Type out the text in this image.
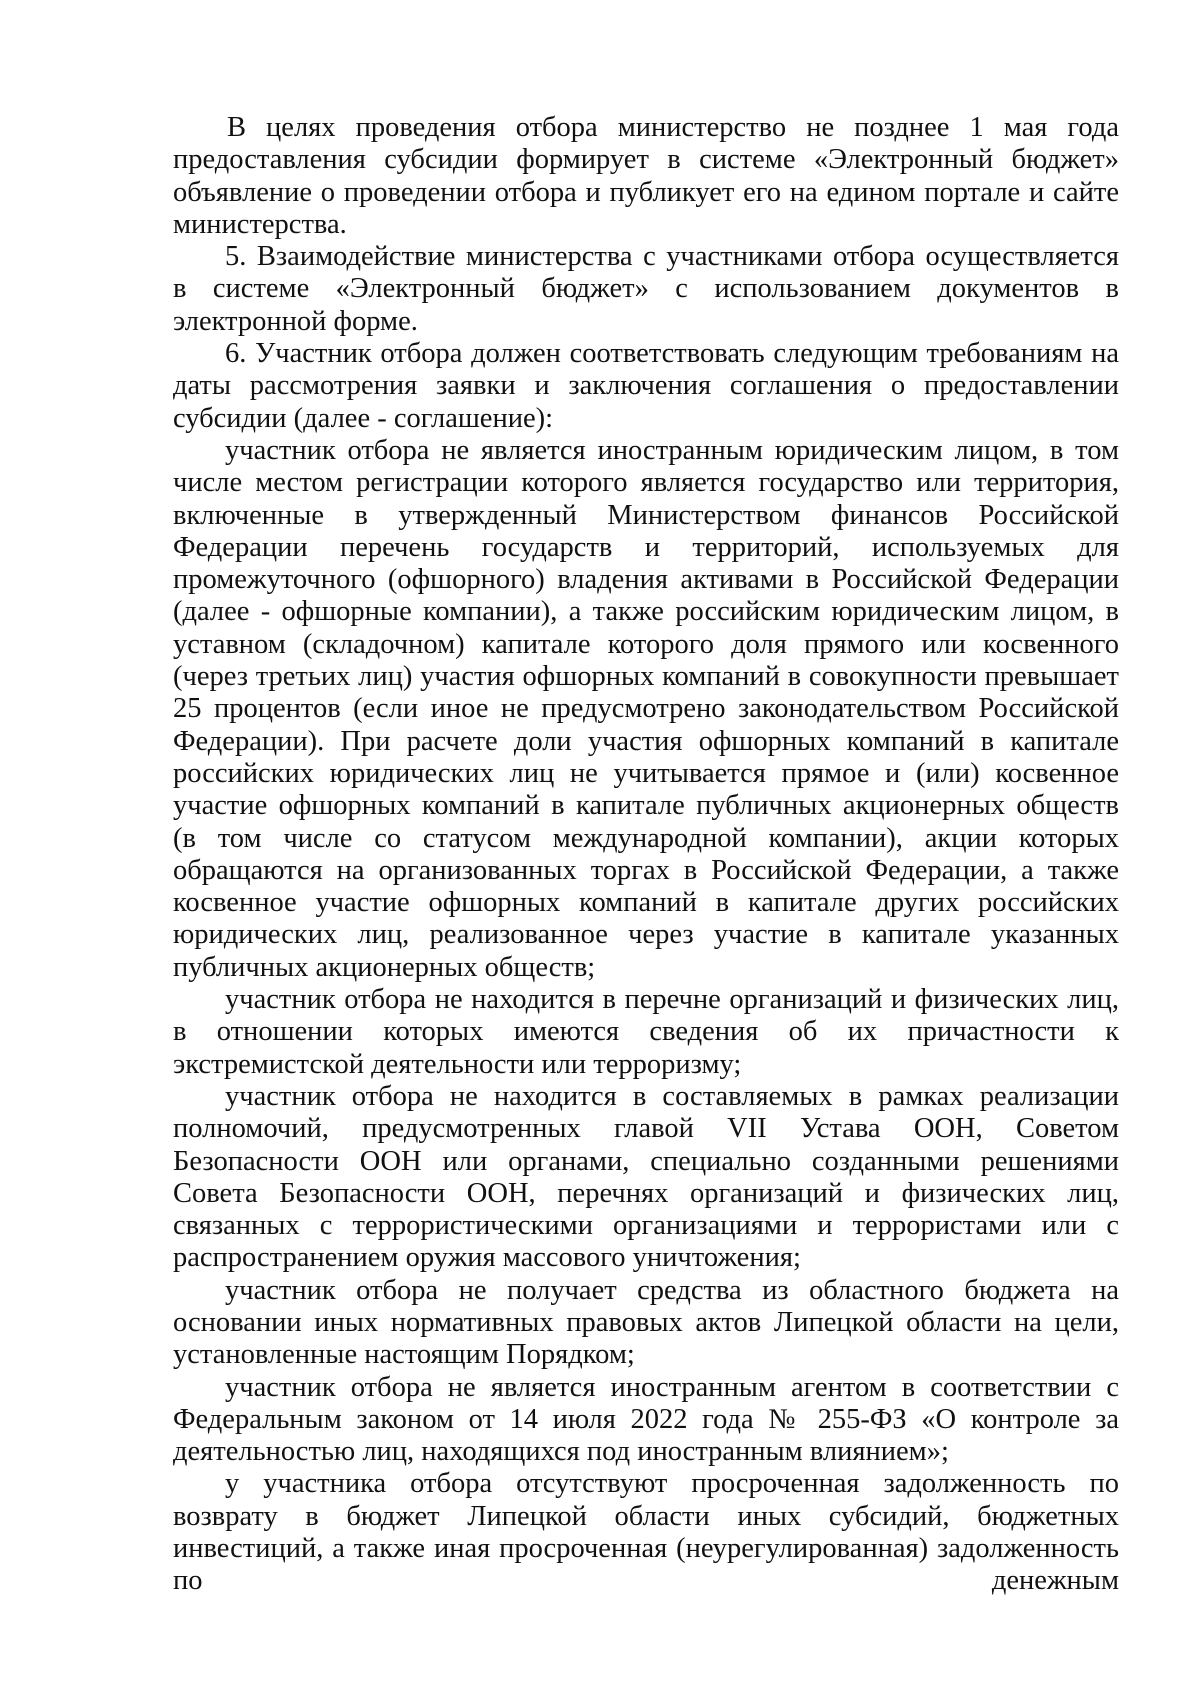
В целях проведения отбора министерство не позднее 1 мая года предоставления субсидии формирует в системе «Электронный бюджет» объявление о проведении отбора и публикует его на едином портале и сайте министерства.

5. Взаимодействие министерства с участниками отбора осуществляется в системе «Электронный бюджет» с использованием документов в электронной форме.

6. Участник отбора должен соответствовать следующим требованиям на даты рассмотрения заявки и заключения соглашения о предоставлении субсидии (далее - соглашение):

участник отбора не является иностранным юридическим лицом, в том числе местом регистрации которого является государство или территория, включенные в утвержденный Министерством финансов Российской Федерации перечень государств и территорий, используемых для промежуточного (офшорного) владения активами в Российской Федерации (далее - офшорные компании), а также российским юридическим лицом, в уставном (складочном) капитале которого доля прямого или косвенного (через третьих лиц) участия офшорных компаний в совокупности превышает 25 процентов (если иное не предусмотрено законодательством Российской Федерации). При расчете доли участия офшорных компаний в капитале российских юридических лиц не учитывается прямое и (или) косвенное участие офшорных компаний в капитале публичных акционерных обществ (в том числе со статусом международной компании), акции которых обращаются на организованных торгах в Российской Федерации, а также косвенное участие офшорных компаний в капитале других российских юридических лиц, реализованное через участие в капитале указанных публичных акционерных обществ;

участник отбора не находится в перечне организаций и физических лиц, в отношении которых имеются сведения об их причастности к экстремистской деятельности или терроризму;

участник отбора не находится в составляемых в рамках реализации полномочий, предусмотренных главой VII Устава ООН, Советом Безопасности ООН или органами, специально созданными решениями Совета Безопасности ООН, перечнях организаций и физических лиц, связанных с террористическими организациями и террористами или с распространением оружия массового уничтожения;

участник отбора не получает средства из областного бюджета на основании иных нормативных правовых актов Липецкой области на цели, установленные настоящим Порядком;

участник отбора не является иностранным агентом в соответствии с Федеральным законом от 14 июля 2022 года № 255-ФЗ «О контроле за деятельностью лиц, находящихся под иностранным влиянием»;

у участника отбора отсутствуют просроченная задолженность по возврату в бюджет Липецкой области иных субсидий, бюджетных инвестиций, а также иная просроченная (неурегулированная) задолженность по денежным
